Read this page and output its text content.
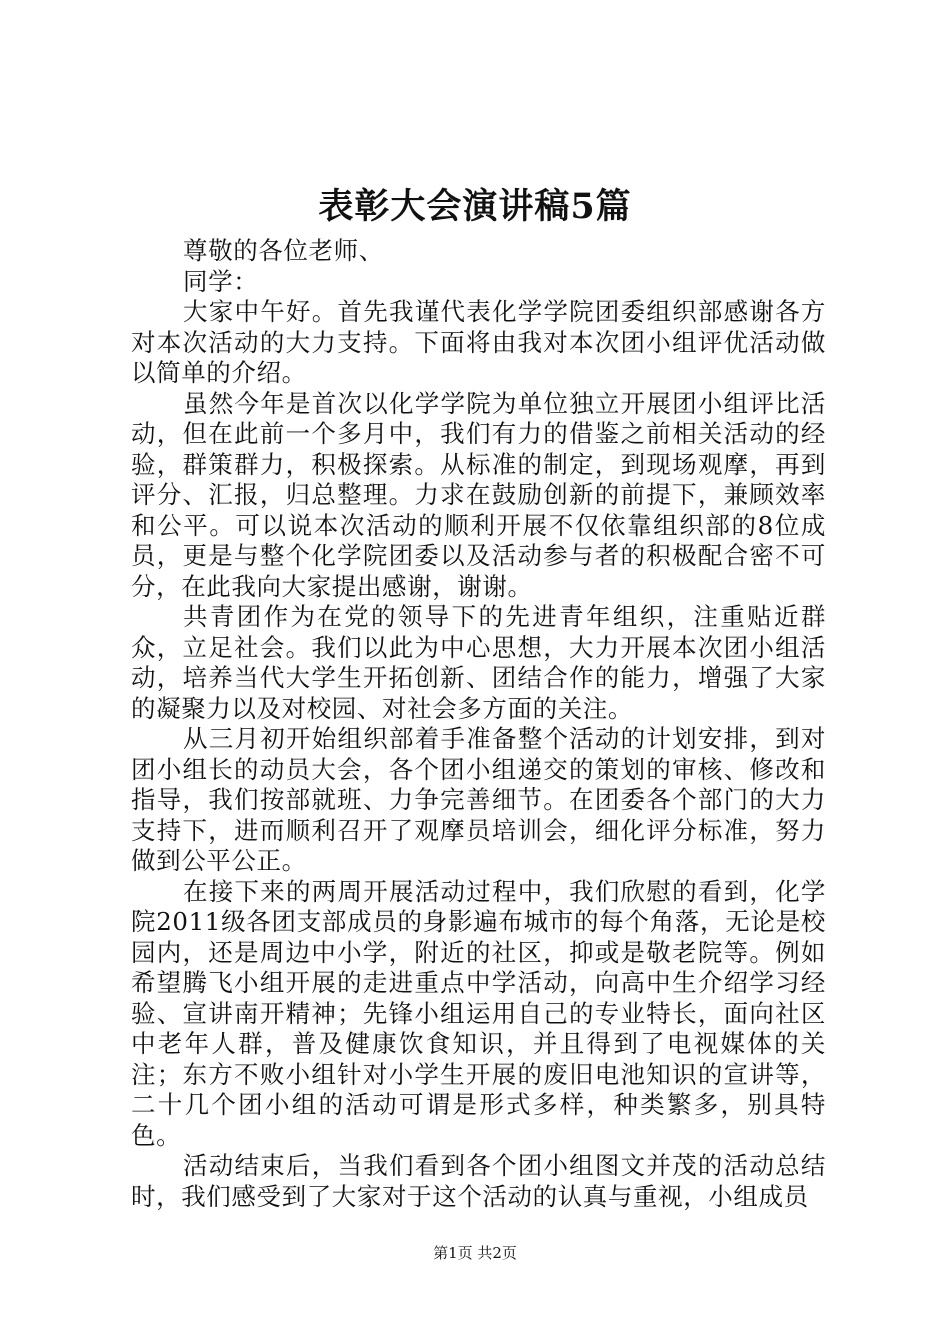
表彰大会演讲稿5篇

尊敬的各位老师、

同学：

大家中午好。首先我谨代表化学学院团委组织部感谢各方对本次活动的大力支持。下面将由我对本次团小组评优活动做以简单的介绍。

虽然今年是首次以化学学院为单位独立开展团小组评比活动，但在此前一个多月中，我们有力的借鉴之前相关活动的经验，群策群力，积极探索。从标准的制定，到现场观摩，再到评分、汇报，归总整理。力求在鼓励创新的前提下，兼顾效率和公平。可以说本次活动的顺利开展不仅依靠组织部的8位成员，更是与整个化学院团委以及活动参与者的积极配合密不可分，在此我向大家提出感谢，谢谢。

共青团作为在党的领导下的先进青年组织，注重贴近群众，立足社会。我们以此为中心思想，大力开展本次团小组活动，培养当代大学生开拓创新、团结合作的能力，增强了大家的凝聚力以及对校园、对社会多方面的关注。

从三月初开始组织部着手准备整个活动的计划安排，到对团小组长的动员大会，各个团小组递交的策划的审核、修改和指导，我们按部就班、力争完善细节。在团委各个部门的大力支持下，进而顺利召开了观摩员培训会，细化评分标准，努力做到公平公正。

在接下来的两周开展活动过程中，我们欣慰的看到，化学院2011级各团支部成员的身影遍布城市的每个角落，无论是校园内，还是周边中小学，附近的社区，抑或是敬老院等。例如希望腾飞小组开展的走进重点中学活动，向高中生介绍学习经验、宣讲南开精神；先锋小组运用自己的专业特长，面向社区中老年人群，普及健康饮食知识，并且得到了电视媒体的关注；东方不败小组针对小学生开展的废旧电池知识的宣讲等，二十几个团小组的活动可谓是形式多样，种类繁多，别具特色。

活动结束后，当我们看到各个团小组图文并茂的活动总结时，我们感受到了大家对于这个活动的认真与重视，小组成员

第1页 共2页
